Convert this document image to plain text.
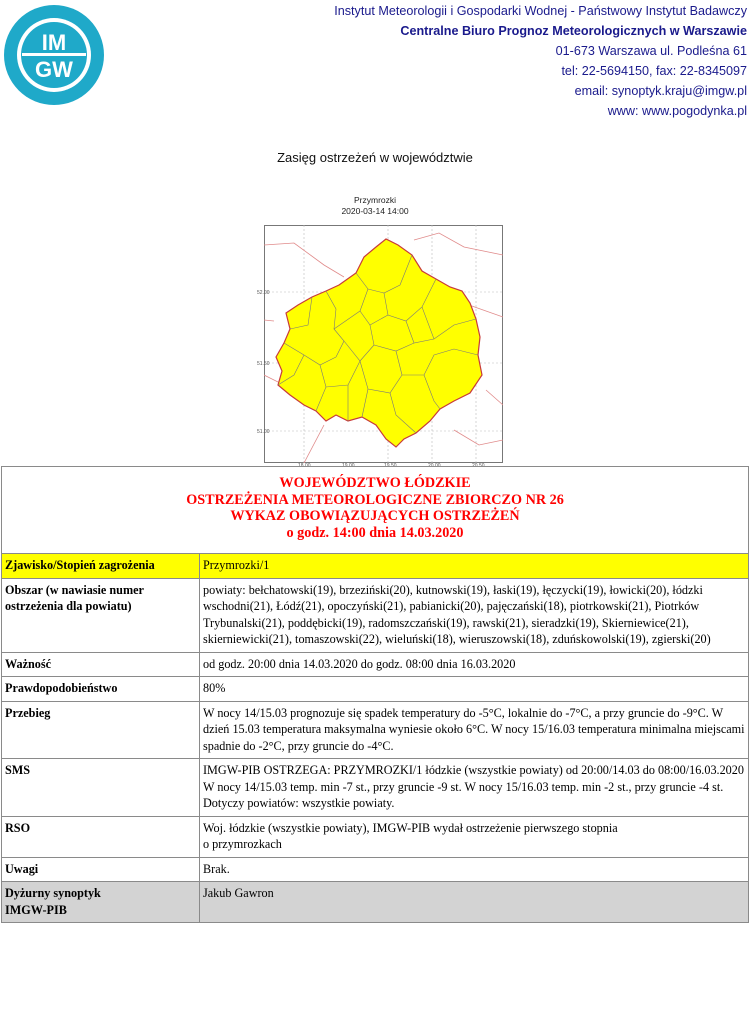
IM
GW
Instytut Meteorologii i Gospodarki Wodnej - Państwowy Instytut Badawczy
Centralne Biuro Prognoz Meteorologicznych w Warszawie
01-673 Warszawa ul. Podleśna 61
tel: 22-5694150, fax: 22-8345097
email: synoptyk.kraju@imgw.pl
www: www.pogodynka.pl
Zasięg ostrzeżeń w województwie
Przymrozki
2020-03-14 14:00
52.00
51.50
51.00
18.00	19.00	19.50	20.00	20.50
WOJEWÓDZTWO ŁÓDZKIE
OSTRZEŻENIA METEOROLOGICZNE ZBIORCZO NR 26
WYKAZ OBOWIĄZUJĄCYCH OSTRZEŻEŃ
o godz. 14:00 dnia 14.03.2020	

Zjawisko/Stopień zagrożenia	Przymrozki/1
Obszar (w nawiasie numer ostrzeżenia dla powiatu)	powiaty: bełchatowski(19), brzeziński(20), kutnowski(19), łaski(19), łęczycki(19), łowicki(20), łódzki wschodni(21), Łódź(21), opoczyński(21), pabianicki(20), pajęczański(18), piotrkowski(21), Piotrków Trybunalski(21), poddębicki(19), radomszczański(19), rawski(21), sieradzki(19), Skierniewice(21), skierniewicki(21), tomaszowski(22), wieluński(18), wieruszowski(18), zduńskowolski(19), zgierski(20)
Ważność	od godz. 20:00 dnia 14.03.2020 do godz. 08:00 dnia 16.03.2020
Prawdopodobieństwo	80%
Przebieg	W nocy 14/15.03 prognozuje się spadek temperatury do -5°C, lokalnie do -7°C, a przy gruncie do -9°C. W dzień 15.03 temperatura maksymalna wyniesie około 6°C. W nocy 15/16.03 temperatura minimalna miejscami spadnie do -2°C, przy gruncie do -4°C.
SMS	IMGW-PIB OSTRZEGA: PRZYMROZKI/1 łódzkie (wszystkie powiaty) od 20:00/14.03 do 08:00/16.03.2020 W nocy 14/15.03 temp. min -7 st., przy gruncie -9 st. W nocy 15/16.03 temp. min -2 st., przy gruncie -4 st. Dotyczy powiatów: wszystkie powiaty.
RSO	Woj. łódzkie (wszystkie powiaty), IMGW-PIB wydał ostrzeżenie pierwszego stopnia
o przymrozkach

Uwagi	Brak.

Dyżurny synoptyk
IMGW-PIB	Jakub Gawron
